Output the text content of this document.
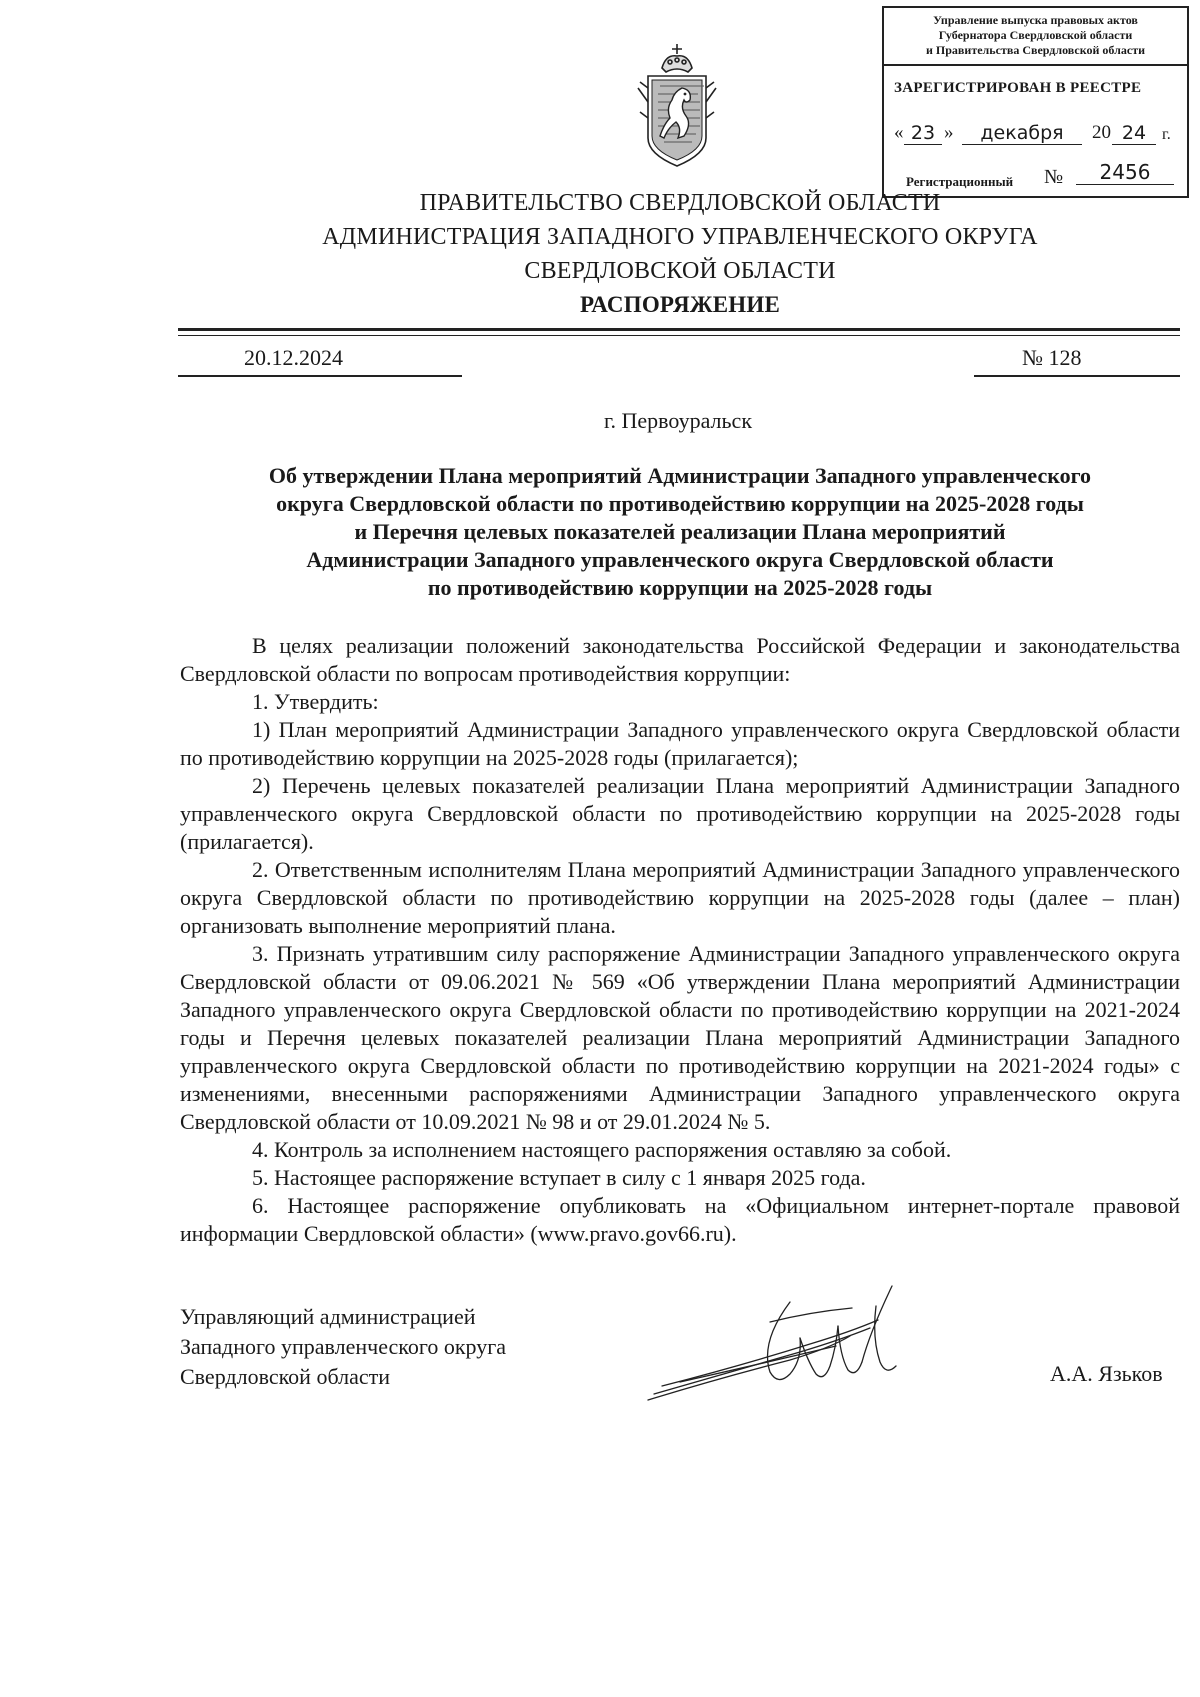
Управление выпуска правовых актов
Губернатора Свердловской области
и Правительства Свердловской области
ЗАРЕГИСТРИРОВАН В РЕЕСТРЕ
« 23 »	декабря	20 24 г.
Регистрационный №	2456
ПРАВИТЕЛЬСТВО СВЕРДЛОВСКОЙ ОБЛАСТИ
АДМИНИСТРАЦИЯ ЗАПАДНОГО УПРАВЛЕНЧЕСКОГО ОКРУГА
СВЕРДЛОВСКОЙ ОБЛАСТИ
РАСПОРЯЖЕНИЕ
20.12.2024	№ 128
г. Первоуральск
Об утверждении Плана мероприятий Администрации Западного управленческого
округа Свердловской области по противодействию коррупции на 2025-2028 годы
и Перечня целевых показателей реализации Плана мероприятий
Администрации Западного управленческого округа Свердловской области
по противодействию коррупции на 2025-2028 годы

В целях реализации положений законодательства Российской Федерации и законодательства Свердловской области по вопросам противодействия коррупции:

1. Утвердить:

1) План мероприятий Администрации Западного управленческого округа Свердловской области по противодействию коррупции на 2025-2028 годы (прилагается);

2) Перечень целевых показателей реализации Плана мероприятий Администрации Западного управленческого округа Свердловской области по противодействию коррупции на 2025-2028 годы (прилагается).

2. Ответственным исполнителям Плана мероприятий Администрации Западного управленческого округа Свердловской области по противодействию коррупции на 2025-2028 годы (далее – план) организовать выполнение мероприятий плана.

3. Признать утратившим силу распоряжение Администрации Западного управленческого округа Свердловской области от 09.06.2021 № 569 «Об утверждении Плана мероприятий Администрации Западного управленческого округа Свердловской области по противодействию коррупции на 2021-2024 годы и Перечня целевых показателей реализации Плана мероприятий Администрации Западного управленческого округа Свердловской области по противодействию коррупции на 2021-2024 годы» с изменениями, внесенными распоряжениями Администрации Западного управленческого округа Свердловской области от 10.09.2021 № 98 и от 29.01.2024 № 5.

4. Контроль за исполнением настоящего распоряжения оставляю за собой.

5. Настоящее распоряжение вступает в силу с 1 января 2025 года.

6. Настоящее распоряжение опубликовать на «Официальном интернет-портале правовой информации Свердловской области» (www.pravo.gov66.ru).

Управляющий администрацией
Западного управленческого округа
Свердловской области	А.А. Язьков
